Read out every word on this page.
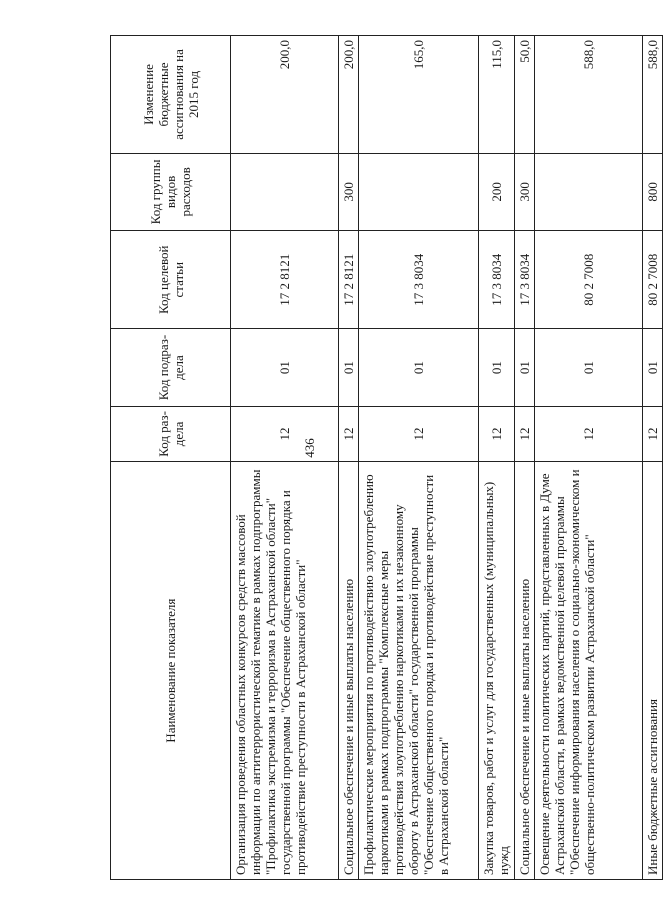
436
Наименование показателя	Код раз-дела	Код подраз-дела	Код целевой статьи	Код группы видов расходов	Изменение бюджетные ассигнования на 2015 год
Организация проведения областных конкурсов средств массовой информации по антитеррористической тематике в рамках подпрограммы "Профилактика экстремизма и терроризма в Астраханской области" государственной программы "Обеспечение общественного порядка и противодействие преступности в Астраханской области"	12	01	17 2 8121		200,0
Социальное обеспечение и иные выплаты населению	12	01	17 2 8121	300	200,0
Профилактические мероприятия по противодействию злоупотреблению наркотиками в рамках подпрограммы "Комплексные меры противодействия злоупотреблению наркотиками и их незаконному обороту в Астраханской области" государственной программы "Обеспечение общественного порядка и противодействие преступности в Астраханской области"	12	01	17 3 8034		165,0
Закупка товаров, работ и услуг для государственных (муниципальных) нужд	12	01	17 3 8034	200	115,0
Социальное обеспечение и иные выплаты населению	12	01	17 3 8034	300	50,0
Освещение деятельности политических партий, представленных в Думе Астраханской области, в рамках ведомственной целевой программы "Обеспечение информирования населения о социально-экономическом и общественно-политическом развитии Астраханской области"	12	01	80 2 7008		588,0
Иные бюджетные ассигнования	12	01	80 2 7008	800	588,0
